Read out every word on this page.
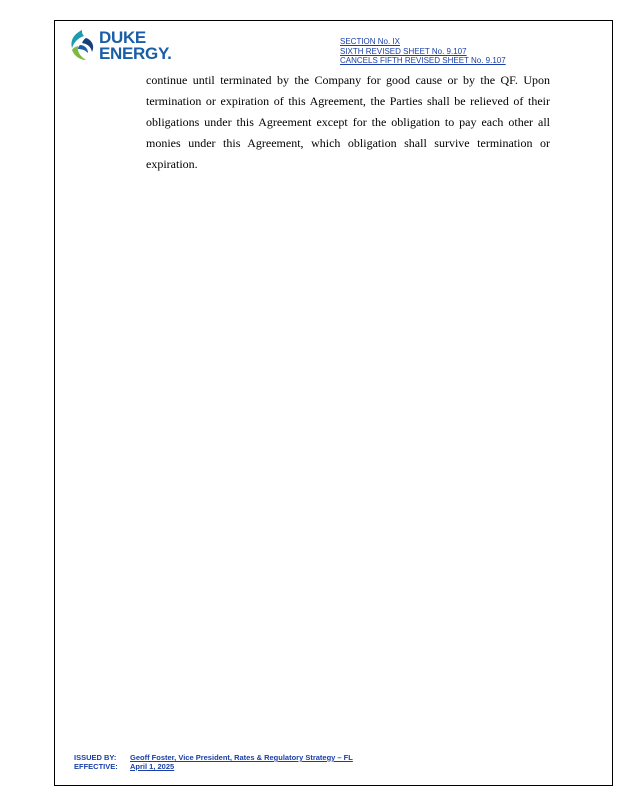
DUKE
ENERGY.
SECTION No. IX
SIXTH REVISED SHEET No. 9.107
CANCELS FIFTH REVISED SHEET No. 9.107
continue until terminated by the Company for good cause or by the QF. Upon termination or expiration of this Agreement, the Parties shall be relieved of their obligations under this Agreement except for the obligation to pay each other all monies under this Agreement, which obligation shall survive termination or expiration.
ISSUED BY: Geoff Foster, Vice President, Rates & Regulatory Strategy – FL
EFFECTIVE: April 1, 2025
